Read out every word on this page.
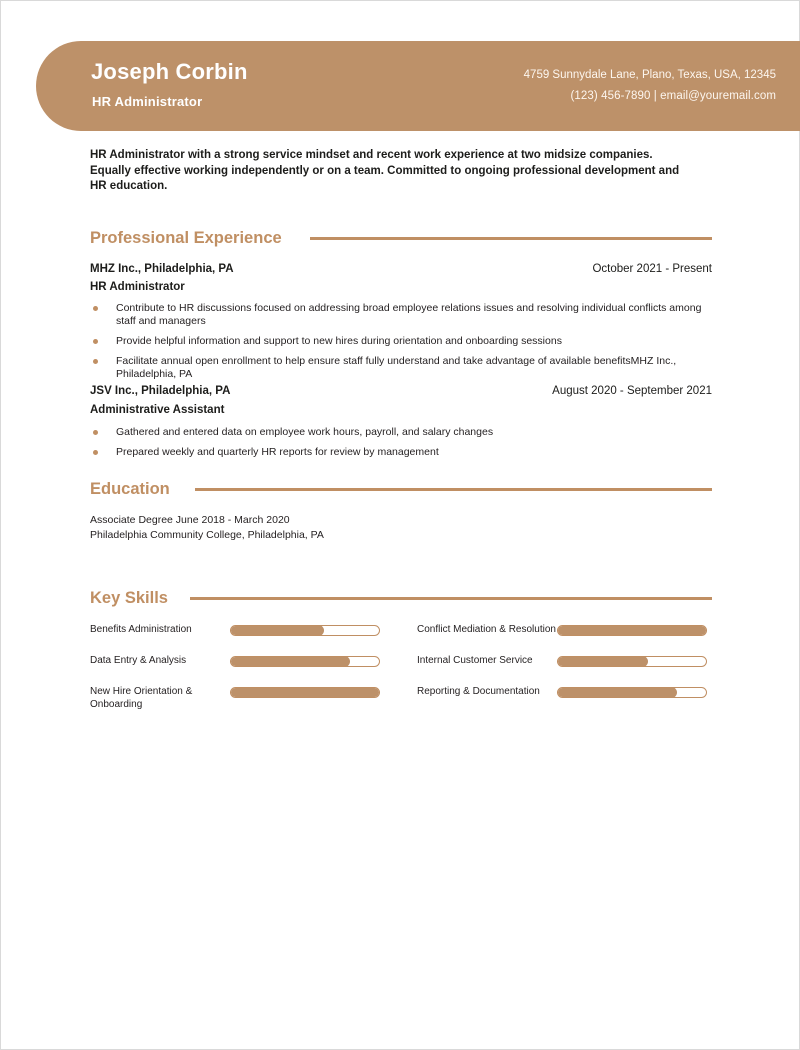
Joseph Corbin
HR Administrator
4759 Sunnydale Lane, Plano, Texas, USA, 12345
(123) 456-7890 | email@youremail.com
HR Administrator with a strong service mindset and recent work experience at two midsize companies. Equally effective working independently or on a team. Committed to ongoing professional development and HR education.
Professional Experience
MHZ Inc., Philadelphia, PA	October 2021 - Present
HR Administrator
Contribute to HR discussions focused on addressing broad employee relations issues and resolving individual conflicts among staff and managers
Provide helpful information and support to new hires during orientation and onboarding sessions
Facilitate annual open enrollment to help ensure staff fully understand and take advantage of available benefitsMHZ Inc., Philadelphia, PA
JSV Inc., Philadelphia, PA	August 2020 - September 2021
Administrative Assistant
Gathered and entered data on employee work hours, payroll, and salary changes
Prepared weekly and quarterly HR reports for review by management
Education
Associate Degree June 2018 - March 2020
Philadelphia Community College, Philadelphia, PA
Key Skills
Benefits Administration
Data Entry & Analysis
New Hire Orientation & Onboarding
Conflict Mediation & Resolution
Internal Customer Service
Reporting & Documentation
